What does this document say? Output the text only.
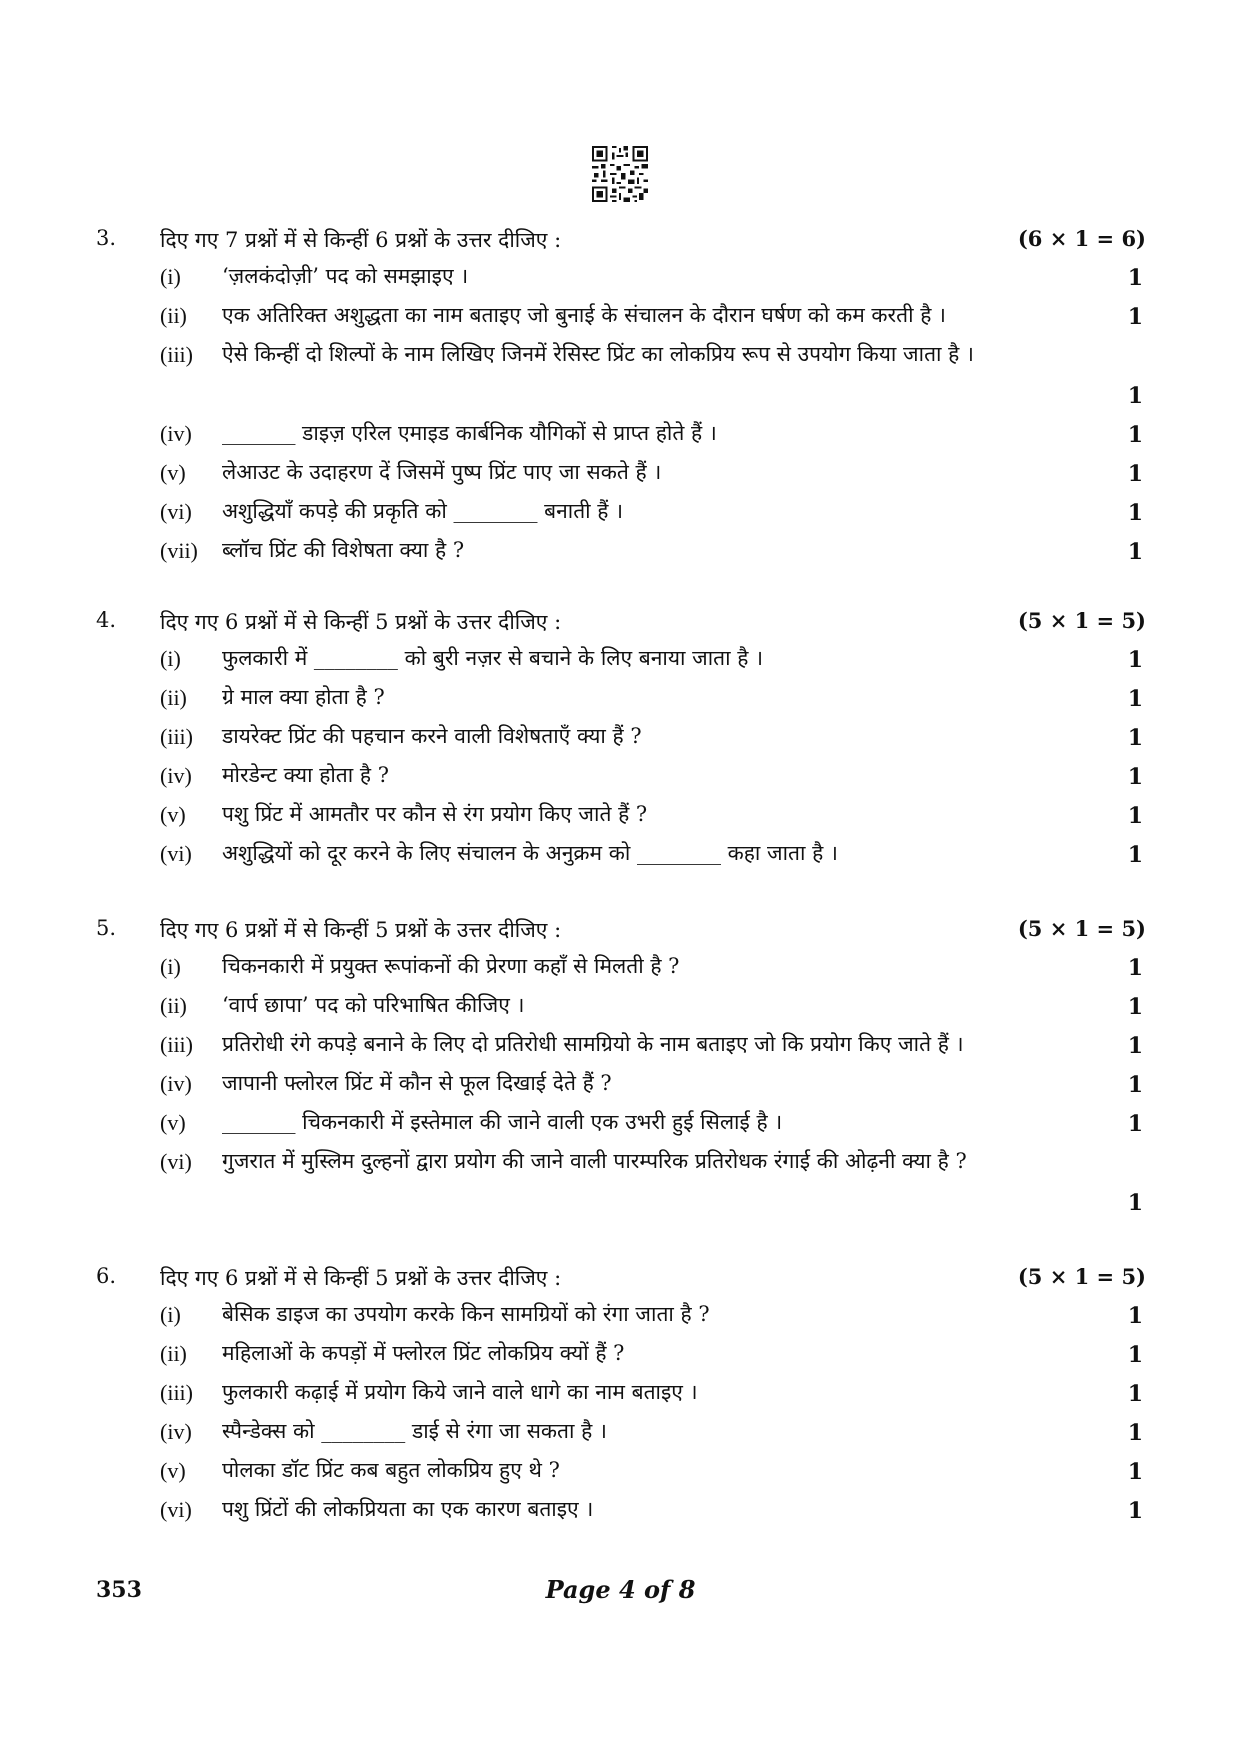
3. दिए गए 7 प्रश्नों में से किन्हीं 6 प्रश्नों के उत्तर दीजिए :	(6 × 1 = 6)
(i) ‘ज़लकंदोज़ी’ पद को समझाइए ।	1
(ii) एक अतिरिक्त अशुद्धता का नाम बताइए जो बुनाई के संचालन के दौरान घर्षण को कम करती है ।	1
(iii) ऐसे किन्हीं दो शिल्पों के नाम लिखिए जिनमें रेसिस्ट प्रिंट का लोकप्रिय रूप से उपयोग किया जाता है ।
1
(iv) _______ डाइज़ एरिल एमाइड कार्बनिक यौगिकों से प्राप्त होते हैं ।	1
(v) लेआउट के उदाहरण दें जिसमें पुष्प प्रिंट पाए जा सकते हैं ।	1
(vi) अशुद्धियाँ कपड़े की प्रकृति को ________ बनाती हैं ।	1
(vii) ब्लॉच प्रिंट की विशेषता क्या है ?	1
4. दिए गए 6 प्रश्नों में से किन्हीं 5 प्रश्नों के उत्तर दीजिए :	(5 × 1 = 5)
(i) फुलकारी में ________ को बुरी नज़र से बचाने के लिए बनाया जाता है ।	1
(ii) ग्रे माल क्या होता है ?	1
(iii) डायरेक्ट प्रिंट की पहचान करने वाली विशेषताएँ क्या हैं ?	1
(iv) मोरडेन्ट क्या होता है ?	1
(v) पशु प्रिंट में आमतौर पर कौन से रंग प्रयोग किए जाते हैं ?	1
(vi) अशुद्धियों को दूर करने के लिए संचालन के अनुक्रम को ________ कहा जाता है ।	1
5. दिए गए 6 प्रश्नों में से किन्हीं 5 प्रश्नों के उत्तर दीजिए :	(5 × 1 = 5)
(i) चिकनकारी में प्रयुक्त रूपांकनों की प्रेरणा कहाँ से मिलती है ?	1
(ii) ‘वार्प छापा’ पद को परिभाषित कीजिए ।	1
(iii) प्रतिरोधी रंगे कपड़े बनाने के लिए दो प्रतिरोधी सामग्रियो के नाम बताइए जो कि प्रयोग किए जाते हैं ।	1
(iv) जापानी फ्लोरल प्रिंट में कौन से फूल दिखाई देते हैं ?	1
(v) _______ चिकनकारी में इस्तेमाल की जाने वाली एक उभरी हुई सिलाई है ।	1
(vi) गुजरात में मुस्लिम दुल्हनों द्वारा प्रयोग की जाने वाली पारम्परिक प्रतिरोधक रंगाई की ओढ़नी क्या है ?
1
6. दिए गए 6 प्रश्नों में से किन्हीं 5 प्रश्नों के उत्तर दीजिए :	(5 × 1 = 5)
(i) बेसिक डाइज का उपयोग करके किन सामग्रियों को रंगा जाता है ?	1
(ii) महिलाओं के कपड़ों में फ्लोरल प्रिंट लोकप्रिय क्यों हैं ?	1
(iii) फुलकारी कढ़ाई में प्रयोग किये जाने वाले धागे का नाम बताइए ।	1
(iv) स्पैन्डेक्स को ________ डाई से रंगा जा सकता है ।	1
(v) पोलका डॉट प्रिंट कब बहुत लोकप्रिय हुए थे ?	1
(vi) पशु प्रिंटों की लोकप्रियता का एक कारण बताइए ।	1
353	Page 4 of 8
